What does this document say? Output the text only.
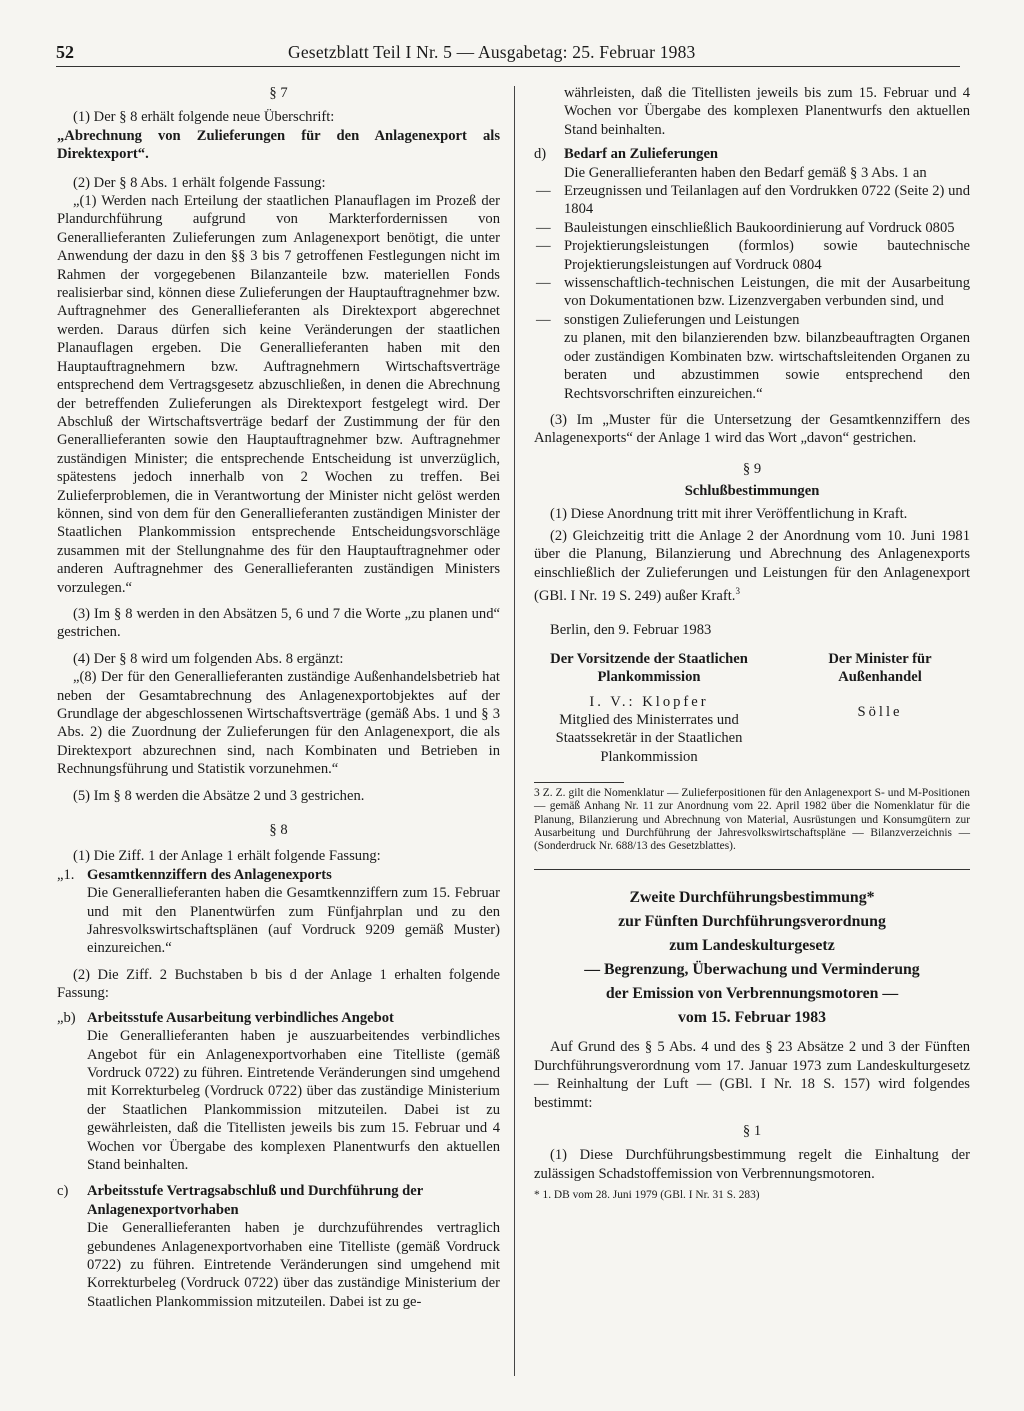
52	Gesetzblatt Teil I Nr. 5 — Ausgabetag: 25. Februar 1983

§ 7

(1) Der § 8 erhält folgende neue Überschrift:

„Abrechnung von Zulieferungen für den Anlagenexport als Direktexport“.

(2) Der § 8 Abs. 1 erhält folgende Fassung:

„(1) Werden nach Erteilung der staatlichen Planauflagen im Prozeß der Plandurchführung aufgrund von Markterfordernissen von Generallieferanten Zulieferungen zum Anlagenexport benötigt, die unter Anwendung der dazu in den §§ 3 bis 7 getroffenen Festlegungen nicht im Rahmen der vorgegebenen Bilanzanteile bzw. materiellen Fonds realisierbar sind, können diese Zulieferungen der Hauptauftragnehmer bzw. Auftragnehmer des Generallieferanten als Direktexport abgerechnet werden. Daraus dürfen sich keine Veränderungen der staatlichen Planauflagen ergeben. Die Generallieferanten haben mit den Hauptauftragnehmern bzw. Auftragnehmern Wirtschaftsverträge entsprechend dem Vertragsgesetz abzuschließen, in denen die Abrechnung der betreffenden Zulieferungen als Direktexport festgelegt wird. Der Abschluß der Wirtschaftsverträge bedarf der Zustimmung der für den Generallieferanten sowie den Hauptauftragnehmer bzw. Auftragnehmer zuständigen Minister; die entsprechende Entscheidung ist unverzüglich, spätestens jedoch innerhalb von 2 Wochen zu treffen. Bei Zulieferproblemen, die in Verantwortung der Minister nicht gelöst werden können, sind von dem für den Generallieferanten zuständigen Minister der Staatlichen Plankommission entsprechende Entscheidungsvorschläge zusammen mit der Stellungnahme des für den Hauptauftragnehmer oder anderen Auftragnehmer des Generallieferanten zuständigen Ministers vorzulegen.“

(3) Im § 8 werden in den Absätzen 5, 6 und 7 die Worte „zu planen und“ gestrichen.

(4) Der § 8 wird um folgenden Abs. 8 ergänzt:

„(8) Der für den Generallieferanten zuständige Außenhandelsbetrieb hat neben der Gesamtabrechnung des Anlagenexportobjektes auf der Grundlage der abgeschlossenen Wirtschaftsverträge (gemäß Abs. 1 und § 3 Abs. 2) die Zuordnung der Zulieferungen für den Anlagenexport, die als Direktexport abzurechnen sind, nach Kombinaten und Betrieben in Rechnungsführung und Statistik vorzunehmen.“

(5) Im § 8 werden die Absätze 2 und 3 gestrichen.

§ 8

(1) Die Ziff. 1 der Anlage 1 erhält folgende Fassung:

„1. Gesamtkennziffern des Anlagenexports

Die Generallieferanten haben die Gesamtkennziffern zum 15. Februar und mit den Planentwürfen zum Fünfjahrplan und zu den Jahresvolkswirtschaftsplänen (auf Vordruck 9209 gemäß Muster) einzureichen.“

(2) Die Ziff. 2 Buchstaben b bis d der Anlage 1 erhalten folgende Fassung:

„b) Arbeitsstufe Ausarbeitung verbindliches Angebot

Die Generallieferanten haben je auszuarbeitendes verbindliches Angebot für ein Anlagenexportvorhaben eine Titelliste (gemäß Vordruck 0722) zu führen. Eintretende Veränderungen sind umgehend mit Korrekturbeleg (Vordruck 0722) über das zuständige Ministerium der Staatlichen Plankommission mitzuteilen. Dabei ist zu gewährleisten, daß die Titellisten jeweils bis zum 15. Februar und 4 Wochen vor Übergabe des komplexen Planentwurfs den aktuellen Stand beinhalten.

c)	Arbeitsstufe Vertragsabschluß und Durchführung der Anlagenexportvorhaben

Die Generallieferanten haben je durchzuführendes vertraglich gebundenes Anlagenexportvorhaben eine Titelliste (gemäß Vordruck 0722) zu führen. Eintretende Veränderungen sind umgehend mit Korrekturbeleg (Vordruck 0722) über das zuständige Ministerium der Staatlichen Plankommission mitzuteilen. Dabei ist zu ge-

währleisten, daß die Titellisten jeweils bis zum 15. Februar und 4 Wochen vor Übergabe des komplexen Planentwurfs den aktuellen Stand beinhalten.

d)	Bedarf an Zulieferungen

Die Generallieferanten haben den Bedarf gemäß § 3 Abs. 1 an

— Erzeugnissen und Teilanlagen auf den Vordrukken 0722 (Seite 2) und 1804
— Bauleistungen einschließlich Baukoordinierung auf Vordruck 0805
— Projektierungsleistungen (formlos) sowie bautechnische Projektierungsleistungen auf Vordruck 0804
— wissenschaftlich-technischen Leistungen, die mit der Ausarbeitung von Dokumentationen bzw. Lizenzvergaben verbunden sind, und
— sonstigen Zulieferungen und Leistungen

zu planen, mit den bilanzierenden bzw. bilanzbeauftragten Organen oder zuständigen Kombinaten bzw. wirtschaftsleitenden Organen zu beraten und abzustimmen sowie entsprechend den Rechtsvorschriften einzureichen.“

(3) Im „Muster für die Untersetzung der Gesamtkennziffern des Anlagenexports“ der Anlage 1 wird das Wort „davon“ gestrichen.

§ 9

Schlußbestimmungen

(1) Diese Anordnung tritt mit ihrer Veröffentlichung in Kraft.

(2) Gleichzeitig tritt die Anlage 2 der Anordnung vom 10. Juni 1981 über die Planung, Bilanzierung und Abrechnung des Anlagenexports einschließlich der Zulieferungen und Leistungen für den Anlagenexport (GBl. I Nr. 19 S. 249) außer Kraft.$^3$

Berlin, den 9. Februar 1983

Der Vorsitzende der Staatlichen Plankommission

I. V.: Klopfer

Mitglied des Ministerrates und Staatssekretär in der Staatlichen Plankommission

Der Minister für Außenhandel

Sölle

3 Z. Z. gilt die Nomenklatur — Zulieferpositionen für den Anlagenexport S- und M-Positionen — gemäß Anhang Nr. 11 zur Anordnung vom 22. April 1982 über die Nomenklatur für die Planung, Bilanzierung und Abrechnung von Material, Ausrüstungen und Konsumgütern zur Ausarbeitung und Durchführung der Jahresvolkswirtschaftspläne — Bilanzverzeichnis — (Sonderdruck Nr. 688/13 des Gesetzblattes).

Zweite Durchführungsbestimmung*

zur Fünften Durchführungsverordnung

zum Landeskulturgesetz

— Begrenzung, Überwachung und Verminderung

der Emission von Verbrennungsmotoren —

vom 15. Februar 1983

Auf Grund des § 5 Abs. 4 und des § 23 Absätze 2 und 3 der Fünften Durchführungsverordnung vom 17. Januar 1973 zum Landeskulturgesetz — Reinhaltung der Luft — (GBl. I Nr. 18 S. 157) wird folgendes bestimmt:

§ 1

(1) Diese Durchführungsbestimmung regelt die Einhaltung der zulässigen Schadstoffemission von Verbrennungsmotoren.

* 1. DB vom 28. Juni 1979 (GBl. I Nr. 31 S. 283)
